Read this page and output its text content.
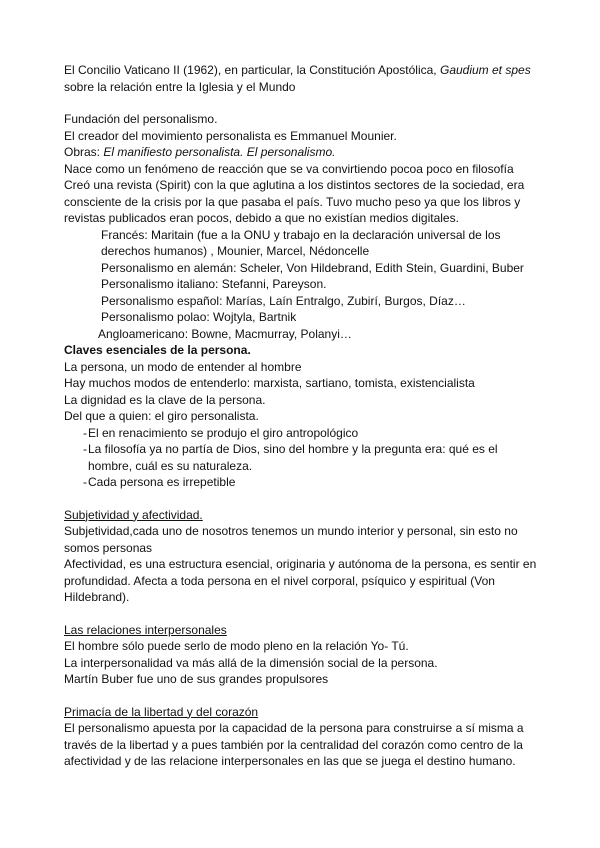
El Concilio Vaticano II (1962), en particular, la Constitución Apostólica, Gaudium et spes sobre la relación entre la Iglesia y el Mundo

Fundación del personalismo.

El creador del movimiento personalista es Emmanuel Mounier.

Obras: El manifiesto personalista. El personalismo.

Nace como un fenómeno de reacción que se va convirtiendo pocoa poco en filosofía

Creó una revista (Spirit) con la que aglutina a los distintos sectores de la sociedad, era consciente de la crisis por la que pasaba el país. Tuvo mucho peso ya que los libros y revistas publicados eran pocos, debido a que no existían medios digitales.

Francés: Maritain (fue a la ONU y trabajo en la declaración universal de los derechos humanos) , Mounier, Marcel, Nédoncelle

Personalismo en alemán: Scheler, Von Hildebrand, Edith Stein, Guardini, Buber

Personalismo italiano: Stefanni, Pareyson.

Personalismo español: Marías, Laín Entralgo, Zubirí, Burgos, Díaz…

Personalismo polao: Wojtyla, Bartnik

Angloamericano: Bowne, Macmurray, Polanyi…

Claves esenciales de la persona.

La persona, un modo de entender al hombre

Hay muchos modos de entenderlo: marxista, sartiano, tomista, existencialista

La dignidad es la clave de la persona.

Del que a quien: el giro personalista.

- El en renacimiento se produjo el giro antropológico
- La filosofía ya no partía de Dios, sino del hombre y la pregunta era: qué es el hombre, cuál es su naturaleza.
- Cada persona es irrepetible

Subjetividad y afectividad.

Subjetividad,cada uno de nosotros tenemos un mundo interior y personal, sin esto no somos personas

Afectividad, es una estructura esencial, originaria y autónoma de la persona, es sentir en profundidad. Afecta a toda persona en el nivel corporal, psíquico y espiritual (Von Hildebrand).

Las relaciones interpersonales

El hombre sólo puede serlo de modo pleno en la relación Yo- Tú.

La interpersonalidad va más allá de la dimensión social de la persona.

Martín Buber fue uno de sus grandes propulsores

Primacía de la libertad y del corazón

El personalismo apuesta por la capacidad de la persona para construirse a sí misma a través de la libertad y a pues también por la centralidad del corazón como centro de la afectividad y de las relacione interpersonales en las que se juega el destino humano.
